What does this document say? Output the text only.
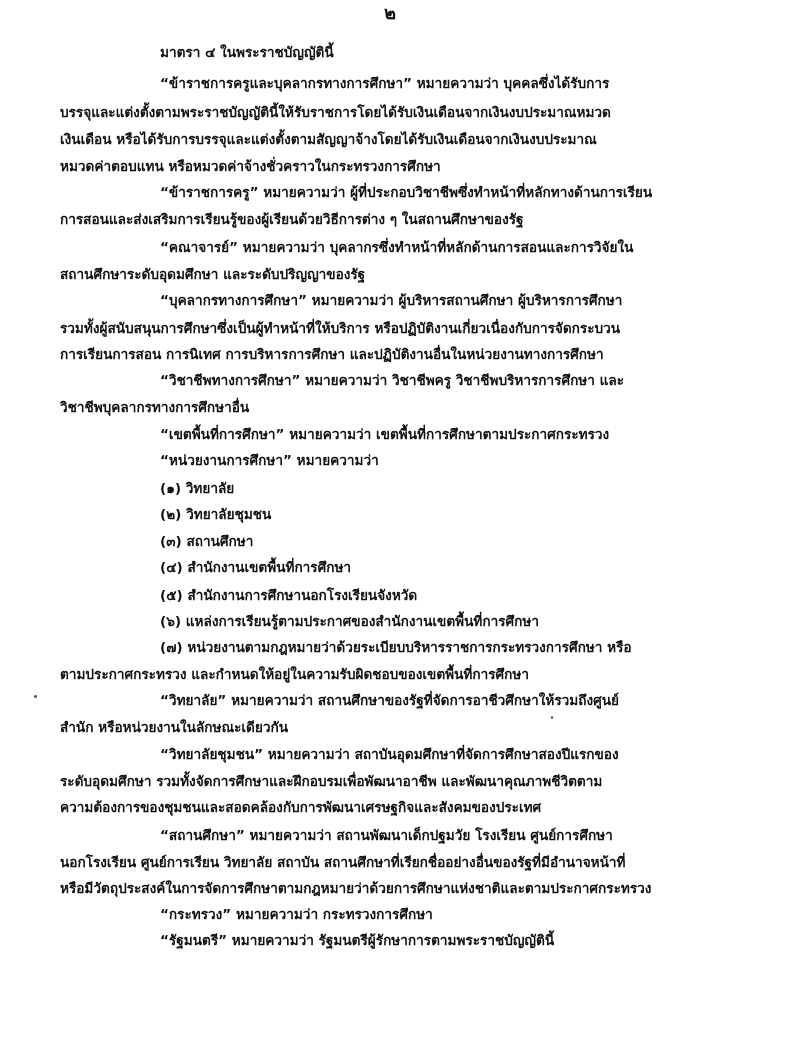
๒
มาตรา ๔ ในพระราชบัญญัตินี้
“ข้าราชการครูและบุคลากรทางการศึกษา” หมายความว่า บุคคลซึ่งได้รับการ
บรรจุและแต่งตั้งตามพระราชบัญญัตินี้ให้รับราชการโดยได้รับเงินเดือนจากเงินงบประมาณหมวด
เงินเดือน หรือได้รับการบรรจุและแต่งตั้งตามสัญญาจ้างโดยได้รับเงินเดือนจากเงินงบประมาณ
หมวดค่าตอบแทน หรือหมวดค่าจ้างชั่วคราวในกระทรวงการศึกษา
“ข้าราชการครู” หมายความว่า ผู้ที่ประกอบวิชาชีพซึ่งทำหน้าที่หลักทางด้านการเรียน
การสอนและส่งเสริมการเรียนรู้ของผู้เรียนด้วยวิธีการต่าง ๆ ในสถานศึกษาของรัฐ
“คณาจารย์” หมายความว่า บุคลากรซึ่งทำหน้าที่หลักด้านการสอนและการวิจัยใน
สถานศึกษาระดับอุดมศึกษา และระดับปริญญาของรัฐ
“บุคลากรทางการศึกษา” หมายความว่า ผู้บริหารสถานศึกษา ผู้บริหารการศึกษา
รวมทั้งผู้สนับสนุนการศึกษาซึ่งเป็นผู้ทำหน้าที่ให้บริการ หรือปฏิบัติงานเกี่ยวเนื่องกับการจัดกระบวน
การเรียนการสอน การนิเทศ การบริหารการศึกษา และปฏิบัติงานอื่นในหน่วยงานทางการศึกษา
“วิชาชีพทางการศึกษา” หมายความว่า วิชาชีพครู วิชาชีพบริหารการศึกษา และ
วิชาชีพบุคลากรทางการศึกษาอื่น
“เขตพื้นที่การศึกษา” หมายความว่า เขตพื้นที่การศึกษาตามประกาศกระทรวง
“หน่วยงานการศึกษา” หมายความว่า
(๑) วิทยาลัย
(๒) วิทยาลัยชุมชน
(๓) สถานศึกษา
(๔) สำนักงานเขตพื้นที่การศึกษา
(๕) สำนักงานการศึกษานอกโรงเรียนจังหวัด
(๖) แหล่งการเรียนรู้ตามประกาศของสำนักงานเขตพื้นที่การศึกษา
(๗) หน่วยงานตามกฎหมายว่าด้วยระเบียบบริหารราชการกระทรวงการศึกษา หรือ
ตามประกาศกระทรวง และกำหนดให้อยู่ในความรับผิดชอบของเขตพื้นที่การศึกษา
“วิทยาลัย” หมายความว่า สถานศึกษาของรัฐที่จัดการอาชีวศึกษาให้รวมถึงศูนย์
สำนัก หรือหน่วยงานในลักษณะเดียวกัน
“วิทยาลัยชุมชน” หมายความว่า สถาบันอุดมศึกษาที่จัดการศึกษาสองปีแรกของ
ระดับอุดมศึกษา รวมทั้งจัดการศึกษาและฝึกอบรมเพื่อพัฒนาอาชีพ และพัฒนาคุณภาพชีวิตตาม
ความต้องการของชุมชนและสอดคล้องกับการพัฒนาเศรษฐกิจและสังคมของประเทศ
“สถานศึกษา” หมายความว่า สถานพัฒนาเด็กปฐมวัย โรงเรียน ศูนย์การศึกษา
นอกโรงเรียน ศูนย์การเรียน วิทยาลัย สถาบัน สถานศึกษาที่เรียกชื่ออย่างอื่นของรัฐที่มีอำนาจหน้าที่
หรือมีวัตถุประสงค์ในการจัดการศึกษาตามกฎหมายว่าด้วยการศึกษาแห่งชาติและตามประกาศกระทรวง
“กระทรวง” หมายความว่า กระทรวงการศึกษา
“รัฐมนตรี” หมายความว่า รัฐมนตรีผู้รักษาการตามพระราชบัญญัตินี้
